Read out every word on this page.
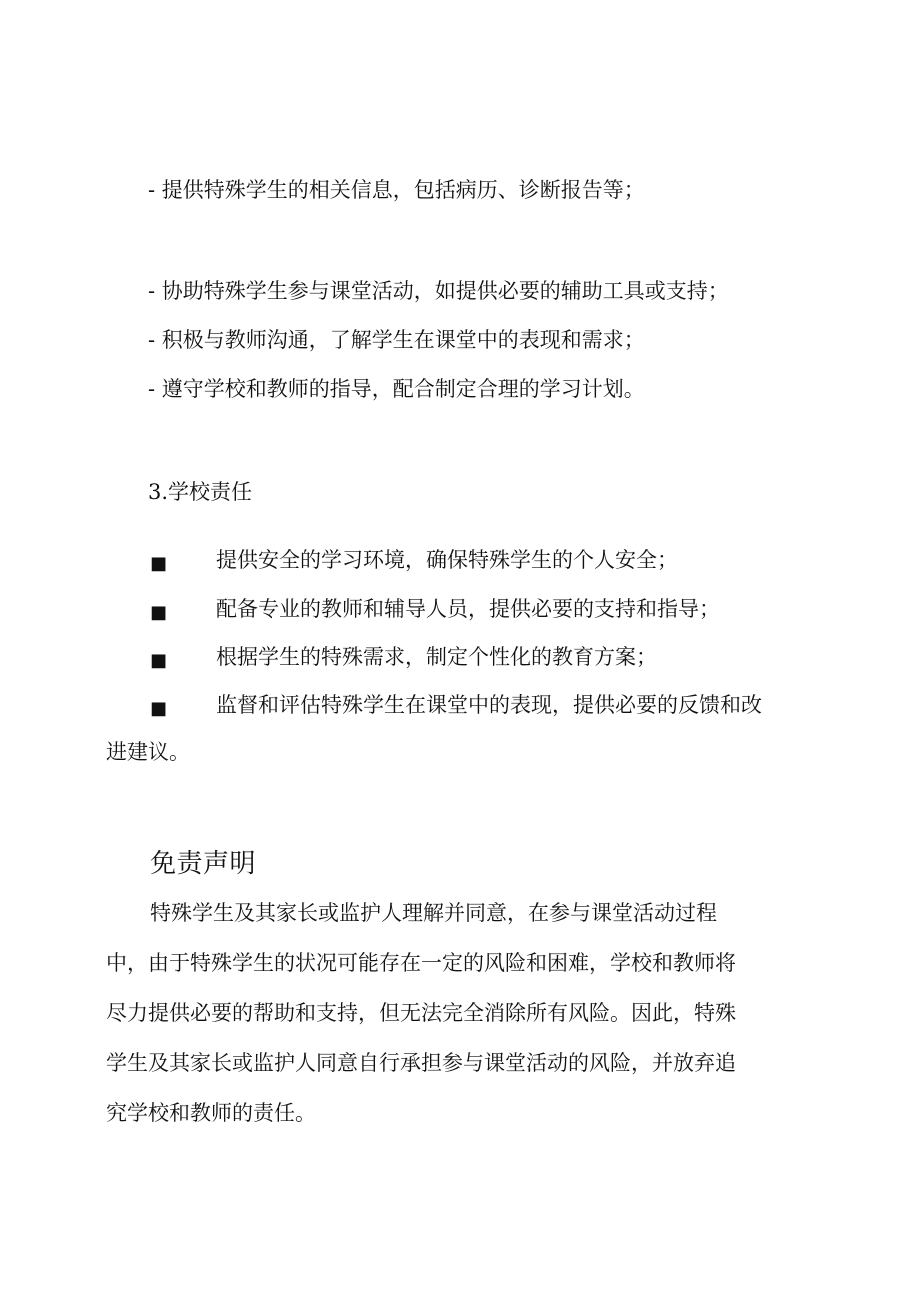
- 提供特殊学生的相关信息，包括病历、诊断报告等；
- 协助特殊学生参与课堂活动，如提供必要的辅助工具或支持；
- 积极与教师沟通，了解学生在课堂中的表现和需求；
- 遵守学校和教师的指导，配合制定合理的学习计划。
3.学校责任
■ 提供安全的学习环境，确保特殊学生的个人安全；
■ 配备专业的教师和辅导人员，提供必要的支持和指导；
■ 根据学生的特殊需求，制定个性化的教育方案；
■ 监督和评估特殊学生在课堂中的表现，提供必要的反馈和改
进建议。
免责声明
特殊学生及其家长或监护人理解并同意，在参与课堂活动过程
中，由于特殊学生的状况可能存在一定的风险和困难，学校和教师将
尽力提供必要的帮助和支持，但无法完全消除所有风险。因此，特殊
学生及其家长或监护人同意自行承担参与课堂活动的风险，并放弃追
究学校和教师的责任。
